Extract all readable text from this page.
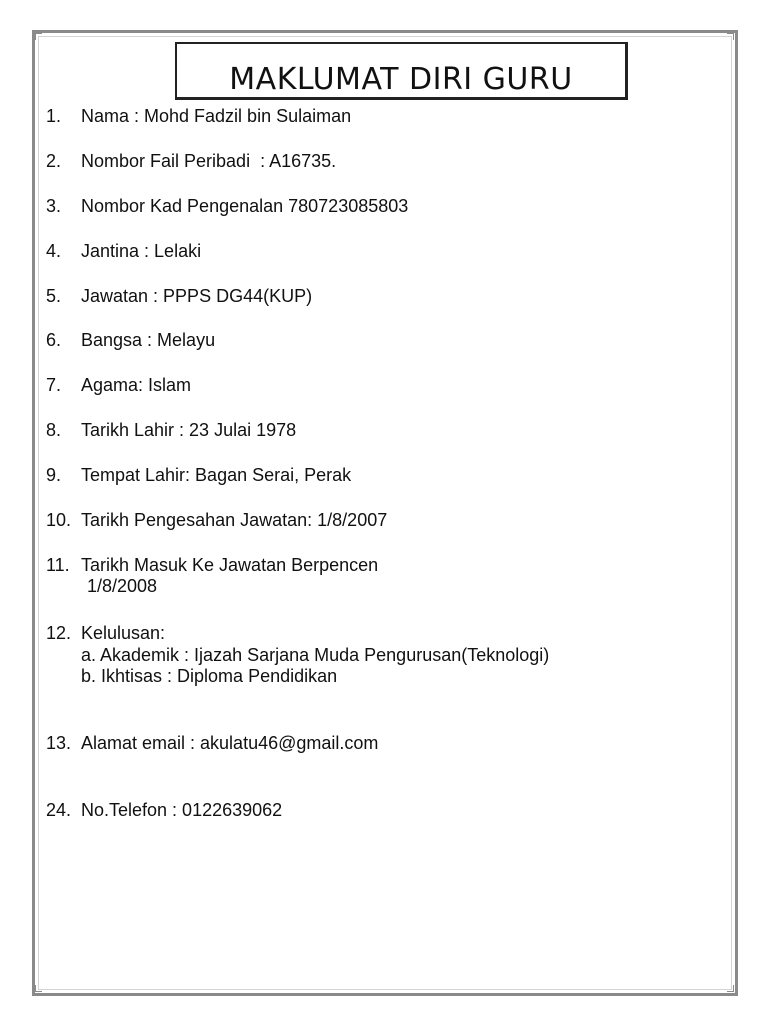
MAKLUMAT DIRI GURU
1. Nama : Mohd Fadzil bin Sulaiman
2. Nombor Fail Peribadi  : A16735.
3. Nombor Kad Pengenalan 780723085803
4. Jantina : Lelaki
5. Jawatan : PPPS DG44(KUP)
6. Bangsa : Melayu
7. Agama: Islam
8. Tarikh Lahir : 23 Julai 1978
9. Tempat Lahir: Bagan Serai, Perak
10. Tarikh Pengesahan Jawatan: 1/8/2007
11. Tarikh Masuk Ke Jawatan Berpencen
1/8/2008
12. Kelulusan:
a. Akademik : Ijazah Sarjana Muda Pengurusan(Teknologi)
b. Ikhtisas : Diploma Pendidikan
13. Alamat email : akulatu46@gmail.com
24. No.Telefon : 0122639062
